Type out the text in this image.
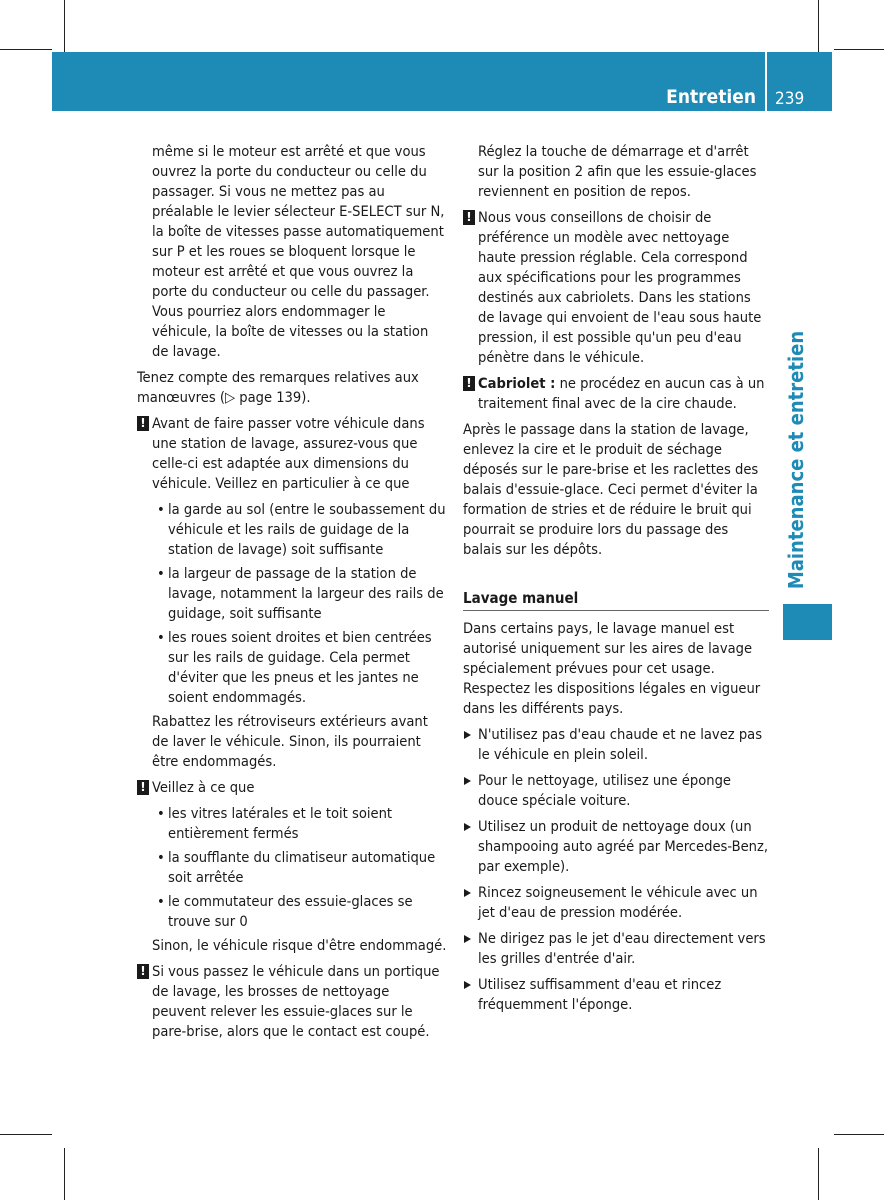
Entretien 239
Maintenance et entretien

même si le moteur est arrêté et que vous ouvrez la porte du conducteur ou celle du passager. Si vous ne mettez pas au préalable le levier sélecteur E-SELECT sur N, la boîte de vitesses passe automatiquement sur P et les roues se bloquent lorsque le moteur est arrêté et que vous ouvrez la porte du conducteur ou celle du passager. Vous pourriez alors endommager le véhicule, la boîte de vitesses ou la station de lavage.

Tenez compte des remarques relatives aux manœuvres (▷ page 139).

! Avant de faire passer votre véhicule dans une station de lavage, assurez-vous que celle-ci est adaptée aux dimensions du véhicule. Veillez en particulier à ce que

• la garde au sol (entre le soubassement du véhicule et les rails de guidage de la station de lavage) soit suffisante
• la largeur de passage de la station de lavage, notamment la largeur des rails de guidage, soit suffisante
• les roues soient droites et bien centrées sur les rails de guidage. Cela permet d'éviter que les pneus et les jantes ne soient endommagés.

Rabattez les rétroviseurs extérieurs avant de laver le véhicule. Sinon, ils pourraient être endommagés.

! Veillez à ce que

• les vitres latérales et le toit soient entièrement fermés
• la soufflante du climatiseur automatique soit arrêtée
• le commutateur des essuie-glaces se trouve sur 0

Sinon, le véhicule risque d'être endommagé.

! Si vous passez le véhicule dans un portique de lavage, les brosses de nettoyage peuvent relever les essuie-glaces sur le pare-brise, alors que le contact est coupé.

Réglez la touche de démarrage et d'arrêt sur la position 2 afin que les essuie-glaces reviennent en position de repos.

! Nous vous conseillons de choisir de préférence un modèle avec nettoyage haute pression réglable. Cela correspond aux spécifications pour les programmes destinés aux cabriolets. Dans les stations de lavage qui envoient de l'eau sous haute pression, il est possible qu'un peu d'eau pénètre dans le véhicule.

! Cabriolet : ne procédez en aucun cas à un traitement final avec de la cire chaude.

Après le passage dans la station de lavage, enlevez la cire et le produit de séchage déposés sur le pare-brise et les raclettes des balais d'essuie-glace. Ceci permet d'éviter la formation de stries et de réduire le bruit qui pourrait se produire lors du passage des balais sur les dépôts.

Lavage manuel

Dans certains pays, le lavage manuel est autorisé uniquement sur les aires de lavage spécialement prévues pour cet usage. Respectez les dispositions légales en vigueur dans les différents pays.

N'utilisez pas d'eau chaude et ne lavez pas le véhicule en plein soleil.
Pour le nettoyage, utilisez une éponge douce spéciale voiture.
Utilisez un produit de nettoyage doux (un shampooing auto agréé par Mercedes-Benz, par exemple).
Rincez soigneusement le véhicule avec un jet d'eau de pression modérée.
Ne dirigez pas le jet d'eau directement vers les grilles d'entrée d'air.
Utilisez suffisamment d'eau et rincez fréquemment l'éponge.
